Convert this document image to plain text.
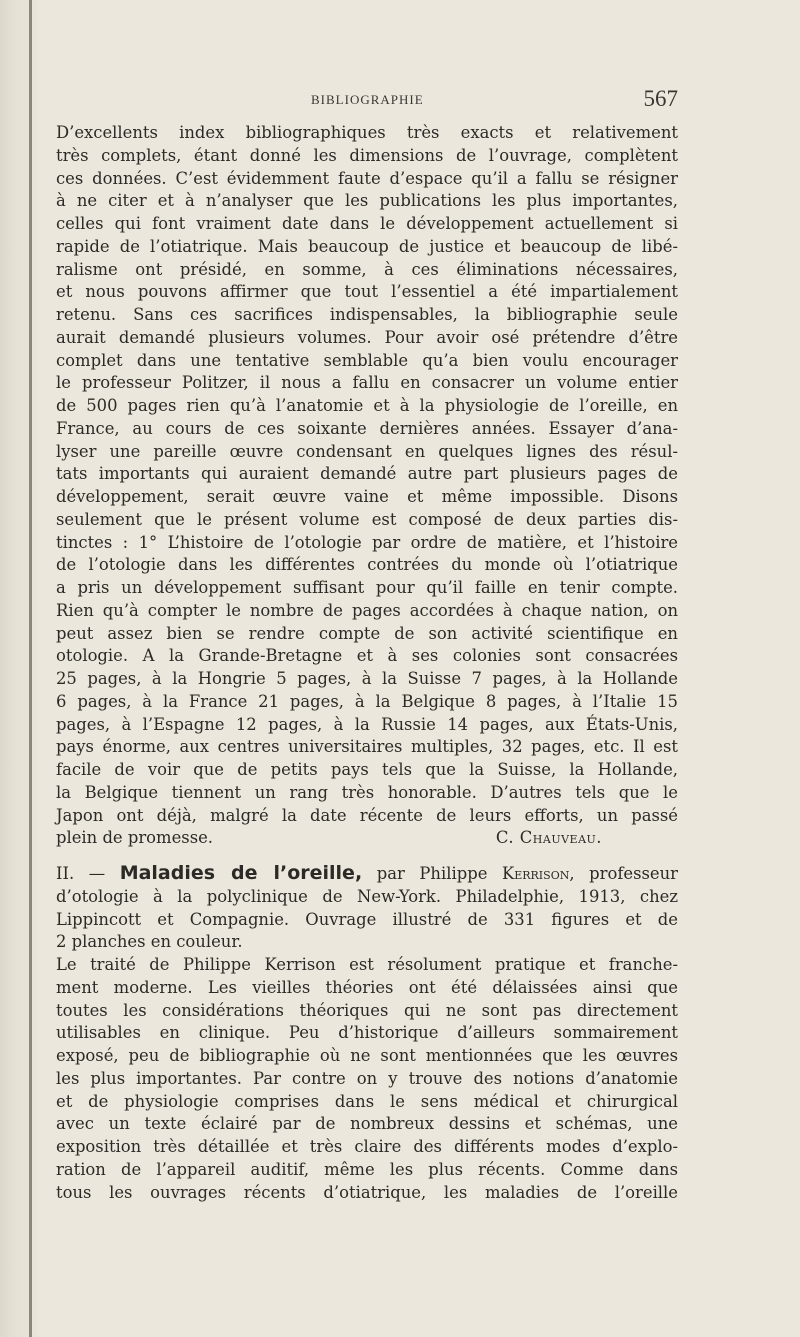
BIBLIOGRAPHIE	567
D’excellents index bibliographiques très exacts et relativement
très complets, étant donné les dimensions de l’ouvrage, complètent
ces données. C’est évidemment faute d’espace qu’il a fallu se résigner
à ne citer et à n’analyser que les publications les plus importantes,
celles qui font vraiment date dans le développement actuellement si
rapide de l’otiatrique. Mais beaucoup de justice et beaucoup de libé-
ralisme ont présidé, en somme, à ces éliminations nécessaires,
et nous pouvons affirmer que tout l’essentiel a été impartialement
retenu. Sans ces sacrifices indispensables, la bibliographie seule
aurait demandé plusieurs volumes. Pour avoir osé prétendre d’être
complet dans une tentative semblable qu’a bien voulu encourager
le professeur Politzer, il nous a fallu en consacrer un volume entier
de 500 pages rien qu’à l’anatomie et à la physiologie de l’oreille, en
France, au cours de ces soixante dernières années. Essayer d’ana-
lyser une pareille œuvre condensant en quelques lignes des résul-
tats importants qui auraient demandé autre part plusieurs pages de
développement, serait œuvre vaine et même impossible. Disons
seulement que le présent volume est composé de deux parties dis-
tinctes : 1° L’histoire de l’otologie par ordre de matière, et l’histoire
de l’otologie dans les différentes contrées du monde où l’otiatrique
a pris un développement suffisant pour qu’il faille en tenir compte.
Rien qu’à compter le nombre de pages accordées à chaque nation, on
peut assez bien se rendre compte de son activité scientifique en
otologie. A la Grande-Bretagne et à ses colonies sont consacrées
25 pages, à la Hongrie 5 pages, à la Suisse 7 pages, à la Hollande
6 pages, à la France 21 pages, à la Belgique 8 pages, à l’Italie 15
pages, à l’Espagne 12 pages, à la Russie 14 pages, aux États-Unis,
pays énorme, aux centres universitaires multiples, 32 pages, etc. Il est
facile de voir que de petits pays tels que la Suisse, la Hollande,
la Belgique tiennent un rang très honorable. D’autres tels que le
Japon ont déjà, malgré la date récente de leurs efforts, un passé
plein de promesse.	C. Chauveau.
II. — Maladies de l’oreille, par Philippe Kerrison, professeur
d’otologie à la polyclinique de New-York. Philadelphie, 1913, chez
Lippincott et Compagnie. Ouvrage illustré de 331 figures et de
2 planches en couleur.
Le traité de Philippe Kerrison est résolument pratique et franche-
ment moderne. Les vieilles théories ont été délaissées ainsi que
toutes les considérations théoriques qui ne sont pas directement
utilisables en clinique. Peu d’historique d’ailleurs sommairement
exposé, peu de bibliographie où ne sont mentionnées que les œuvres
les plus importantes. Par contre on y trouve des notions d’anatomie
et de physiologie comprises dans le sens médical et chirurgical
avec un texte éclairé par de nombreux dessins et schémas, une
exposition très détaillée et très claire des différents modes d’explo-
ration de l’appareil auditif, même les plus récents. Comme dans
tous les ouvrages récents d’otiatrique, les maladies de l’oreille
